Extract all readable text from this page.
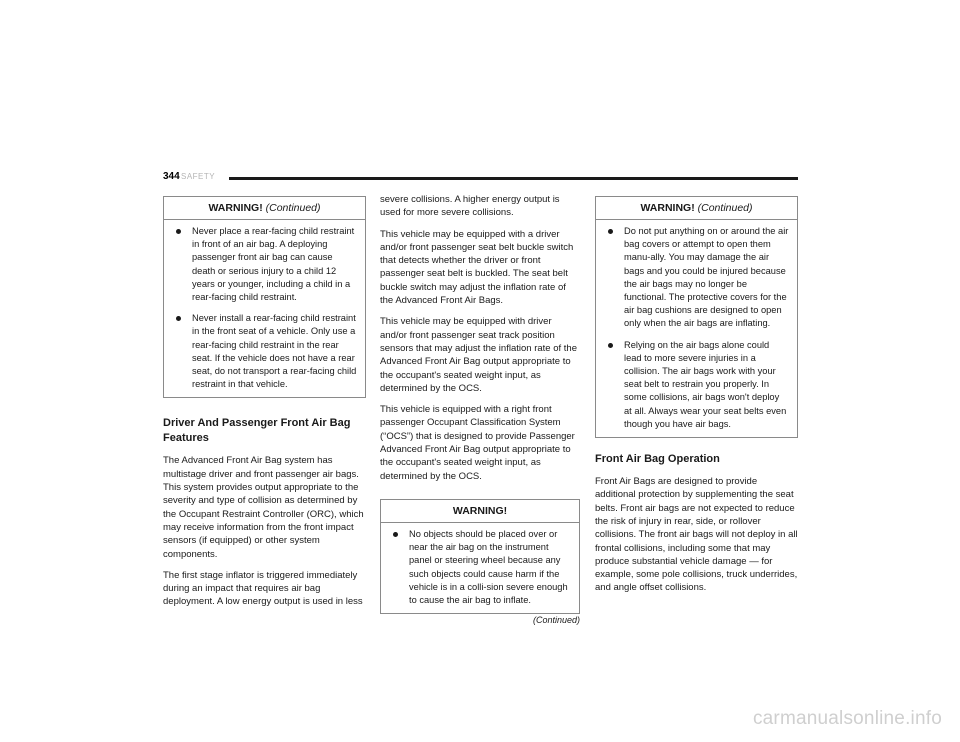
344 SAFETY
WARNING! (Continued)
Never place a rear-facing child restraint in front of an air bag. A deploying passenger front air bag can cause death or serious injury to a child 12 years or younger, including a child in a rear-facing child restraint.
Never install a rear-facing child restraint in the front seat of a vehicle. Only use a rear-facing child restraint in the rear seat. If the vehicle does not have a rear seat, do not transport a rear-facing child restraint in that vehicle.
Driver And Passenger Front Air Bag Features

The Advanced Front Air Bag system has multistage driver and front passenger air bags. This system provides output appropriate to the severity and type of collision as determined by the Occupant Restraint Controller (ORC), which may receive information from the front impact sensors (if equipped) or other system components.

The first stage inflator is triggered immediately during an impact that requires air bag deployment. A low energy output is used in less

severe collisions. A higher energy output is used for more severe collisions.

This vehicle may be equipped with a driver and/or front passenger seat belt buckle switch that detects whether the driver or front passenger seat belt is buckled. The seat belt buckle switch may adjust the inflation rate of the Advanced Front Air Bags.

This vehicle may be equipped with driver and/or front passenger seat track position sensors that may adjust the inflation rate of the Advanced Front Air Bag output appropriate to the occupant's seated weight input, as determined by the OCS.

This vehicle is equipped with a right front passenger Occupant Classification System (“OCS”) that is designed to provide Passenger Advanced Front Air Bag output appropriate to the occupant's seated weight input, as determined by the OCS.

WARNING!
No objects should be placed over or near the air bag on the instrument panel or steering wheel because any such objects could cause harm if the vehicle is in a colli-sion severe enough to cause the air bag to inflate.
(Continued)
WARNING! (Continued)
Do not put anything on or around the air bag covers or attempt to open them manu-ally. You may damage the air bags and you could be injured because the air bags may no longer be functional. The protective covers for the air bag cushions are designed to open only when the air bags are inflating.
Relying on the air bags alone could lead to more severe injuries in a collision. The air bags work with your seat belt to restrain you properly. In some collisions, air bags won't deploy at all. Always wear your seat belts even though you have air bags.
Front Air Bag Operation

Front Air Bags are designed to provide additional protection by supplementing the seat belts. Front air bags are not expected to reduce the risk of injury in rear, side, or rollover collisions. The front air bags will not deploy in all frontal collisions, including some that may produce substantial vehicle damage — for example, some pole collisions, truck underrides, and angle offset collisions.

carmanualsonline.info
